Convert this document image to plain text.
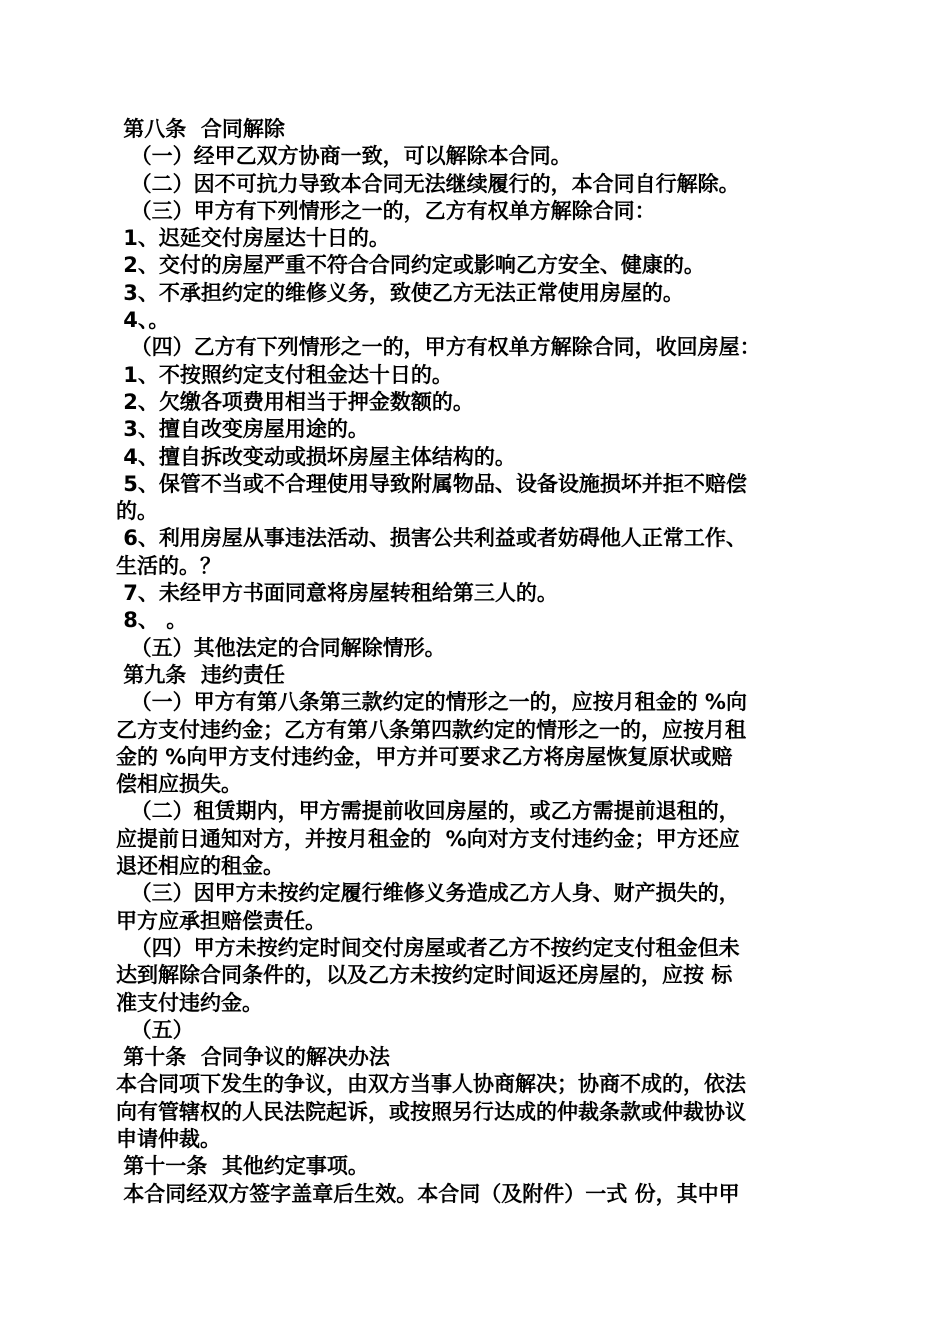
第八条  合同解除
（一）经甲乙双方协商一致，可以解除本合同。
（二）因不可抗力导致本合同无法继续履行的，本合同自行解除。
（三）甲方有下列情形之一的，乙方有权单方解除合同：
1、迟延交付房屋达十日的。
2、交付的房屋严重不符合合同约定或影响乙方安全、健康的。
3、不承担约定的维修义务，致使乙方无法正常使用房屋的。
4、。
（四）乙方有下列情形之一的，甲方有权单方解除合同，收回房屋：
1、不按照约定支付租金达十日的。
2、欠缴各项费用相当于押金数额的。
3、擅自改变房屋用途的。
4、擅自拆改变动或损坏房屋主体结构的。
5、保管不当或不合理使用导致附属物品、设备设施损坏并拒不赔偿
的。
6、利用房屋从事违法活动、损害公共利益或者妨碍他人正常工作、
生活的。？
7、未经甲方书面同意将房屋转租给第三人的。
8、 。
（五）其他法定的合同解除情形。
第九条  违约责任
（一）甲方有第八条第三款约定的情形之一的，应按月租金的 %向
乙方支付违约金；乙方有第八条第四款约定的情形之一的，应按月租
金的 %向甲方支付违约金，甲方并可要求乙方将房屋恢复原状或赔
偿相应损失。
（二）租赁期内，甲方需提前收回房屋的，或乙方需提前退租的，
应提前日通知对方，并按月租金的  %向对方支付违约金；甲方还应
退还相应的租金。
（三）因甲方未按约定履行维修义务造成乙方人身、财产损失的，
甲方应承担赔偿责任。
（四）甲方未按约定时间交付房屋或者乙方不按约定支付租金但未
达到解除合同条件的，以及乙方未按约定时间返还房屋的，应按 标
准支付违约金。
（五）
第十条  合同争议的解决办法
本合同项下发生的争议，由双方当事人协商解决；协商不成的，依法
向有管辖权的人民法院起诉，或按照另行达成的仲裁条款或仲裁协议
申请仲裁。
第十一条  其他约定事项。
本合同经双方签字盖章后生效。本合同（及附件）一式 份，其中甲
